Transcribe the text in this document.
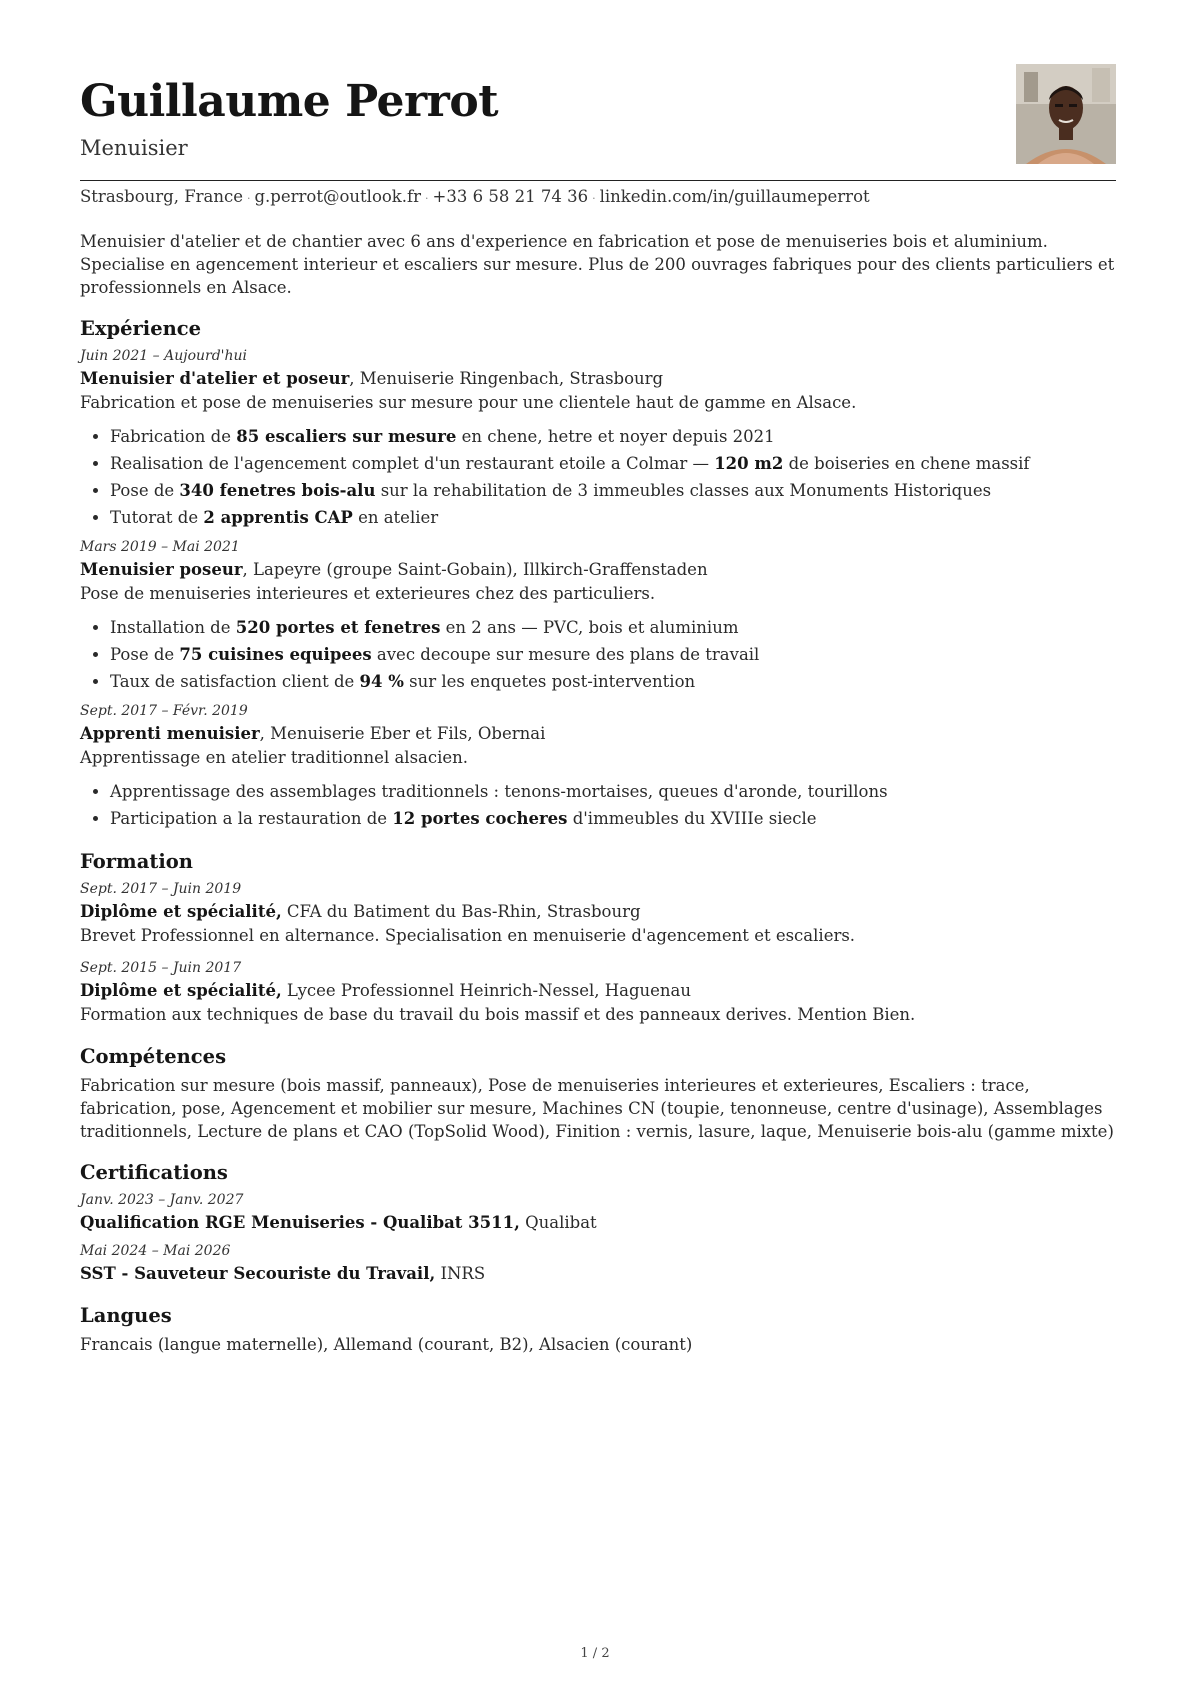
Guillaume Perrot
Menuisier
Strasbourg, France · g.perrot@outlook.fr · +33 6 58 21 74 36 · linkedin.com/in/guillaumeperrot
Menuisier d'atelier et de chantier avec 6 ans d'experience en fabrication et pose de menuiseries bois et aluminium. Specialise en agencement interieur et escaliers sur mesure. Plus de 200 ouvrages fabriques pour des clients particuliers et professionnels en Alsace.
Expérience
Juin 2021 – Aujourd'hui
Menuisier d'atelier et poseur, Menuiserie Ringenbach, Strasbourg
Fabrication et pose de menuiseries sur mesure pour une clientele haut de gamme en Alsace.
• Fabrication de 85 escaliers sur mesure en chene, hetre et noyer depuis 2021
• Realisation de l'agencement complet d'un restaurant etoile a Colmar — 120 m2 de boiseries en chene massif
• Pose de 340 fenetres bois-alu sur la rehabilitation de 3 immeubles classes aux Monuments Historiques
• Tutorat de 2 apprentis CAP en atelier
Mars 2019 – Mai 2021
Menuisier poseur, Lapeyre (groupe Saint-Gobain), Illkirch-Graffenstaden
Pose de menuiseries interieures et exterieures chez des particuliers.
• Installation de 520 portes et fenetres en 2 ans — PVC, bois et aluminium
• Pose de 75 cuisines equipees avec decoupe sur mesure des plans de travail
• Taux de satisfaction client de 94 % sur les enquetes post-intervention
Sept. 2017 – Févr. 2019
Apprenti menuisier, Menuiserie Eber et Fils, Obernai
Apprentissage en atelier traditionnel alsacien.
• Apprentissage des assemblages traditionnels : tenons-mortaises, queues d'aronde, tourillons
• Participation a la restauration de 12 portes cocheres d'immeubles du XVIIIe siecle
Formation
Sept. 2017 – Juin 2019
Diplôme et spécialité, CFA du Batiment du Bas-Rhin, Strasbourg
Brevet Professionnel en alternance. Specialisation en menuiserie d'agencement et escaliers.
Sept. 2015 – Juin 2017
Diplôme et spécialité, Lycee Professionnel Heinrich-Nessel, Haguenau
Formation aux techniques de base du travail du bois massif et des panneaux derives. Mention Bien.
Compétences
Fabrication sur mesure (bois massif, panneaux), Pose de menuiseries interieures et exterieures, Escaliers : trace, fabrication, pose, Agencement et mobilier sur mesure, Machines CN (toupie, tenonneuse, centre d'usinage), Assemblages traditionnels, Lecture de plans et CAO (TopSolid Wood), Finition : vernis, lasure, laque, Menuiserie bois-alu (gamme mixte)
Certifications
Janv. 2023 – Janv. 2027
Qualification RGE Menuiseries - Qualibat 3511, Qualibat
Mai 2024 – Mai 2026
SST - Sauveteur Secouriste du Travail, INRS
Langues
Francais (langue maternelle), Allemand (courant, B2), Alsacien (courant)
1 / 2
